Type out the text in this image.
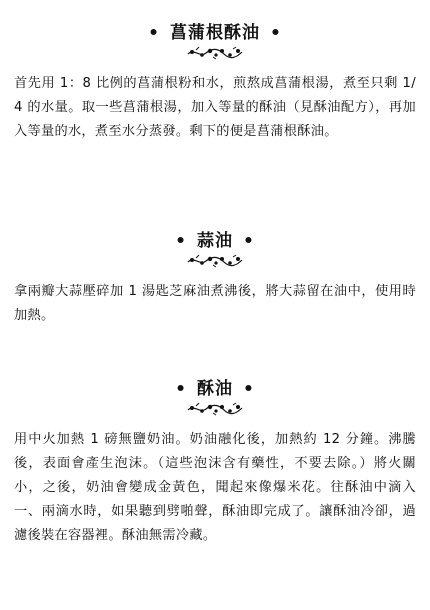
• 菖蒲根酥油 •

首先用 1：8 比例的菖蒲根粉和水，煎熬成菖蒲根湯，煮至只剩 1/4 的水量。取一些菖蒲根湯，加入等量的酥油（見酥油配方），再加入等量的水，煮至水分蒸發。剩下的便是菖蒲根酥油。

• 蒜油 •

拿兩瓣大蒜壓碎加 1 湯匙芝麻油煮沸後，將大蒜留在油中，使用時加熱。

• 酥油 •

用中火加熱 1 磅無鹽奶油。奶油融化後，加熱約 12 分鐘。沸騰後，表面會產生泡沫。（這些泡沫含有藥性，不要去除。）將火關小，之後，奶油會變成金黃色，聞起來像爆米花。往酥油中滴入一、兩滴水時，如果聽到劈啪聲，酥油即完成了。讓酥油冷卻，過濾後裝在容器裡。酥油無需冷藏。
